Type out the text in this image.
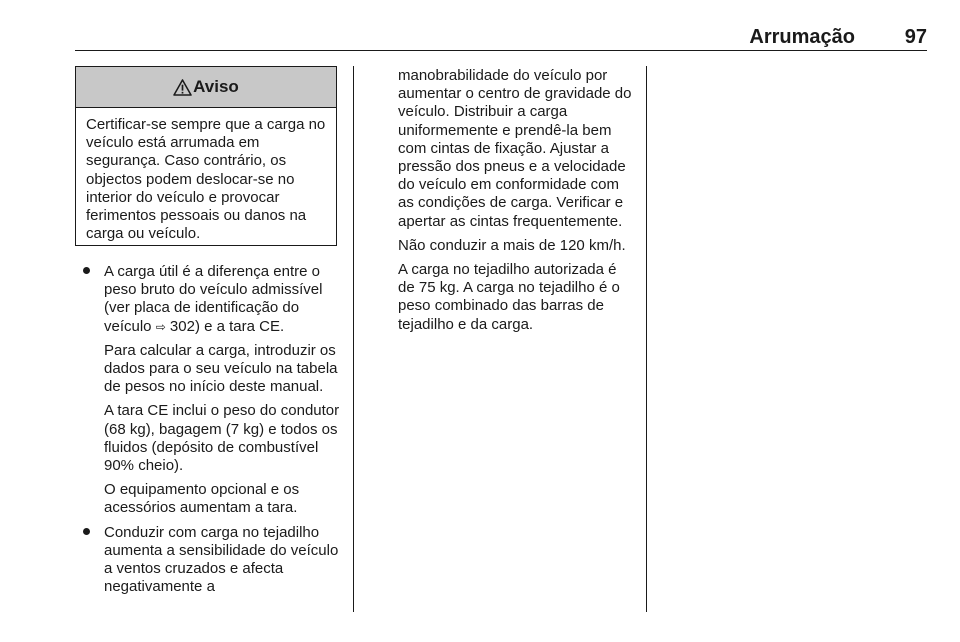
Arrumação 97
Aviso
Certificar-se sempre que a carga no veículo está arrumada em segurança. Caso contrário, os objectos podem deslocar-se no interior do veículo e provocar ferimentos pessoais ou danos na carga ou veículo.

A carga útil é a diferença entre o peso bruto do veículo admissível (ver placa de identificação do veículo ⇨ 302) e a tara CE.

Para calcular a carga, introduzir os dados para o seu veículo na tabela de pesos no início deste manual.

A tara CE inclui o peso do condutor (68 kg), bagagem (7 kg) e todos os fluidos (depósito de combustível 90% cheio).

O equipamento opcional e os acessórios aumentam a tara.

Conduzir com carga no tejadilho aumenta a sensibilidade do veículo a ventos cruzados e afecta negativamente a

manobrabilidade do veículo por aumentar o centro de gravidade do veículo. Distribuir a carga uniformemente e prendê-la bem com cintas de fixação. Ajustar a pressão dos pneus e a velocidade do veículo em conformidade com as condições de carga. Verificar e apertar as cintas frequentemente.

Não conduzir a mais de 120 km/h.

A carga no tejadilho autorizada é de 75 kg. A carga no tejadilho é o peso combinado das barras de tejadilho e da carga.
